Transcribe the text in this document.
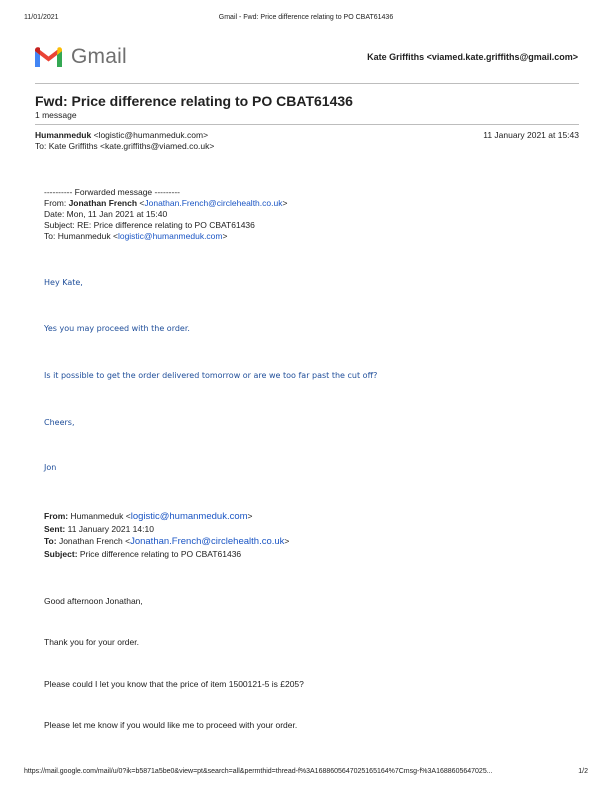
11/01/2021	Gmail - Fwd: Price difference relating to PO CBAT61436
Gmail	Kate Griffiths <viamed.kate.griffiths@gmail.com>
Fwd: Price difference relating to PO CBAT61436
1 message
Humanmeduk <logistic@humanmeduk.com>	11 January 2021 at 15:43
To: Kate Griffiths <kate.griffiths@viamed.co.uk>
---------- Forwarded message ---------
From: Jonathan French <Jonathan.French@circlehealth.co.uk>
Date: Mon, 11 Jan 2021 at 15:40
Subject: RE: Price difference relating to PO CBAT61436
To: Humanmeduk <logistic@humanmeduk.com>
Hey Kate,
Yes you may proceed with the order.
Is it possible to get the order delivered tomorrow or are we too far past the cut off?
Cheers,
Jon
From: Humanmeduk <logistic@humanmeduk.com>
Sent: 11 January 2021 14:10
To: Jonathan French <Jonathan.French@circlehealth.co.uk>
Subject: Price difference relating to PO CBAT61436
Good afternoon Jonathan,
Thank you for your order.
Please could I let you know that the price of item 1500121-5 is £205?
Please let me know if you would like me to proceed with your order.
https://mail.google.com/mail/u/0?ik=b5871a5be0&view=pt&search=all&permthid=thread-f%3A1688605647025165164%7Cmsg-f%3A1688605647025...	1/2
